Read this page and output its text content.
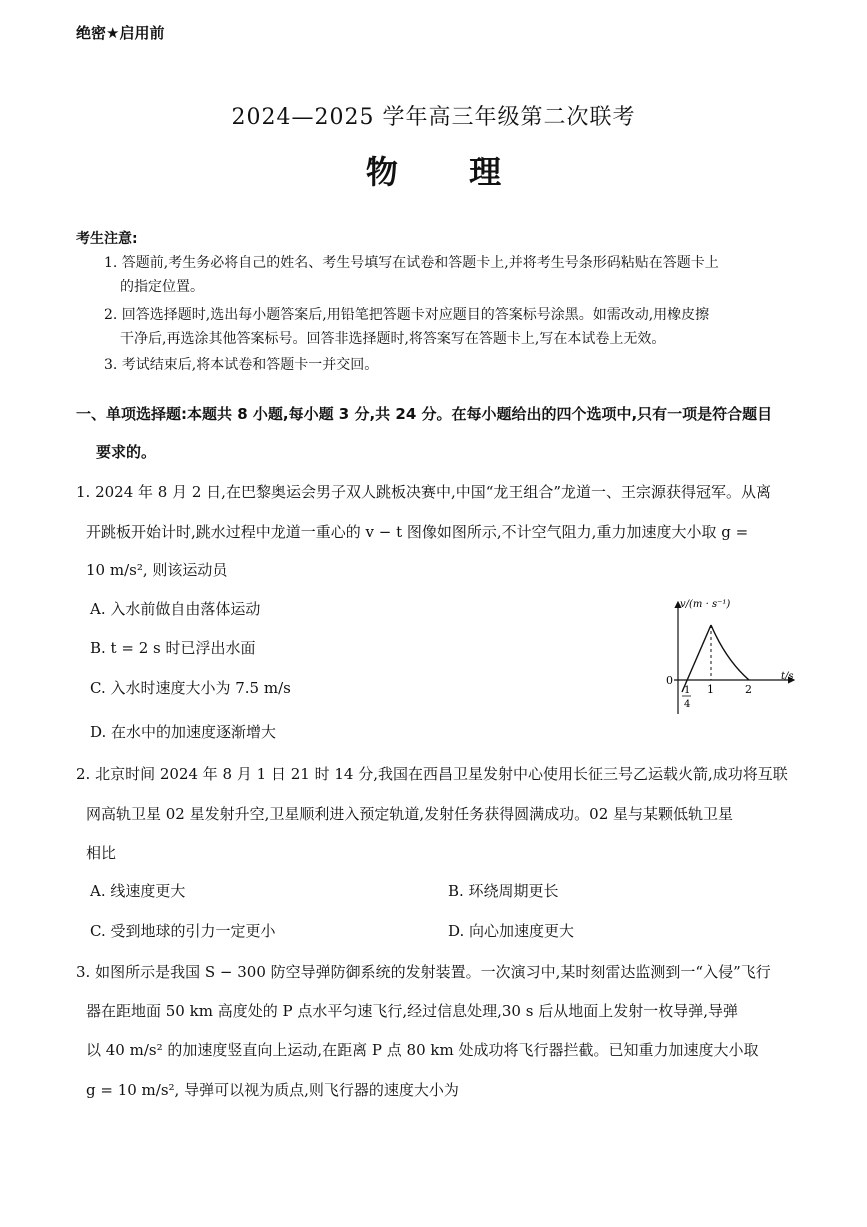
绝密★启用前
2024—2025 学年高三年级第二次联考
物 理
考生注意:
1. 答题前,考生务必将自己的姓名、考生号填写在试卷和答题卡上,并将考生号条形码粘贴在答题卡上
的指定位置。
2. 回答选择题时,选出每小题答案后,用铅笔把答题卡对应题目的答案标号涂黑。如需改动,用橡皮擦
干净后,再选涂其他答案标号。回答非选择题时,将答案写在答题卡上,写在本试卷上无效。
3. 考试结束后,将本试卷和答题卡一并交回。
一、单项选择题:本题共 8 小题,每小题 3 分,共 24 分。在每小题给出的四个选项中,只有一项是符合题目
要求的。
1. 2024 年 8 月 2 日,在巴黎奥运会男子双人跳板决赛中,中国“龙王组合”龙道一、王宗源获得冠军。从离
开跳板开始计时,跳水过程中龙道一重心的 v − t 图像如图所示,不计空气阻力,重力加速度大小取 g =
10 m/s², 则该运动员
A. 入水前做自由落体运动
B. t = 2 s 时已浮出水面
C. 入水时速度大小为 7.5 m/s
D. 在水中的加速度逐渐增大
v/(m · s⁻¹)
t/s
0
1
4
1	2
2. 北京时间 2024 年 8 月 1 日 21 时 14 分,我国在西昌卫星发射中心使用长征三号乙运载火箭,成功将互联
网高轨卫星 02 星发射升空,卫星顺利进入预定轨道,发射任务获得圆满成功。02 星与某颗低轨卫星
相比
A. 线速度更大	B. 环绕周期更长
C. 受到地球的引力一定更小	D. 向心加速度更大
3. 如图所示是我国 S − 300 防空导弹防御系统的发射装置。一次演习中,某时刻雷达监测到一“入侵”飞行
器在距地面 50 km 高度处的 P 点水平匀速飞行,经过信息处理,30 s 后从地面上发射一枚导弹,导弹
以 40 m/s² 的加速度竖直向上运动,在距离 P 点 80 km 处成功将飞行器拦截。已知重力加速度大小取
g = 10 m/s², 导弹可以视为质点,则飞行器的速度大小为
